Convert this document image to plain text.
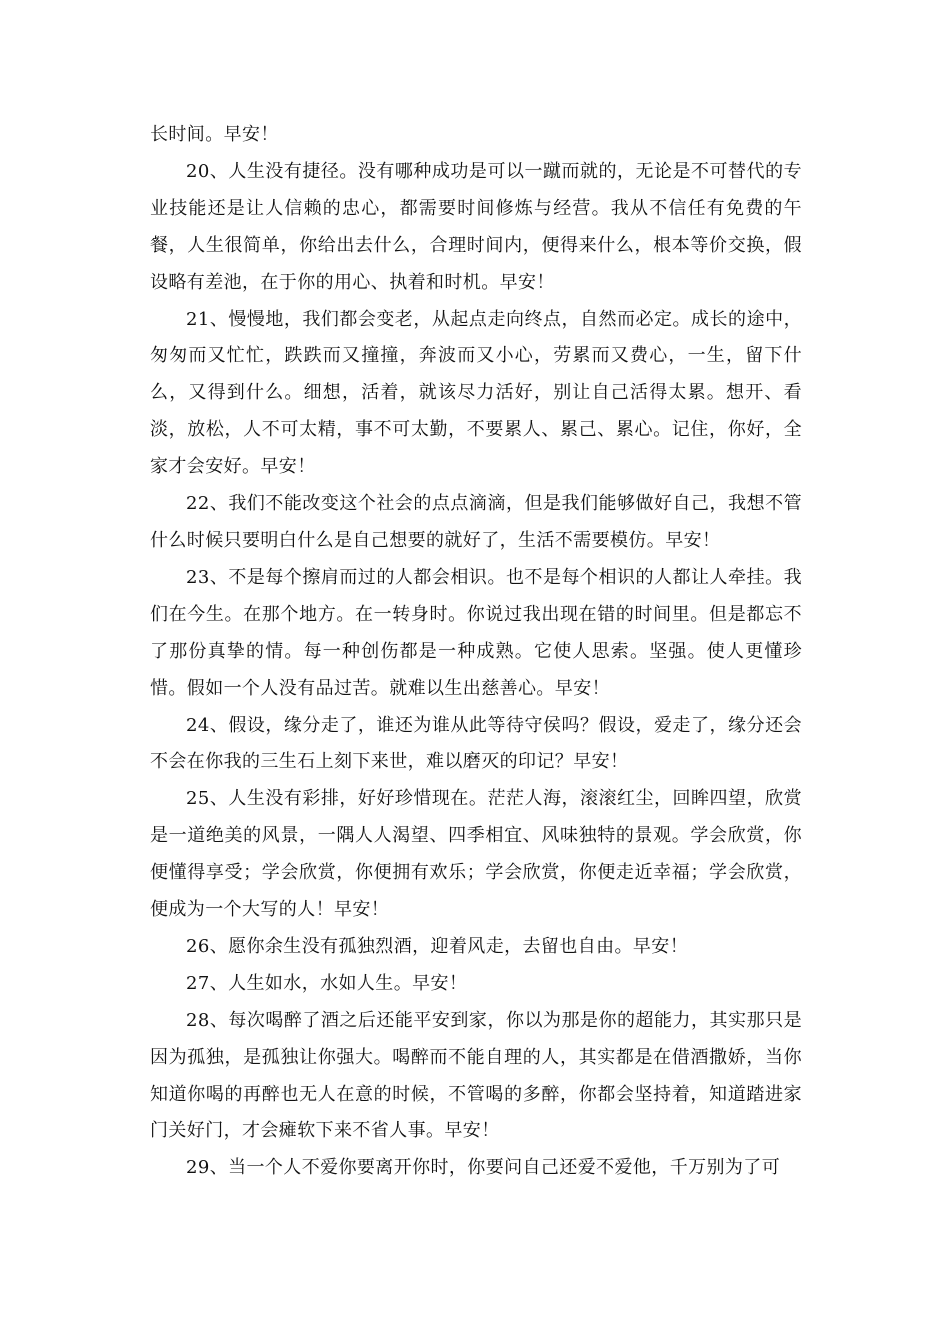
长时间。早安！

20、人生没有捷径。没有哪种成功是可以一蹴而就的，无论是不可替代的专业技能还是让人信赖的忠心，都需要时间修炼与经营。我从不信任有免费的午餐，人生很简单，你给出去什么，合理时间内，便得来什么，根本等价交换，假设略有差池，在于你的用心、执着和时机。早安！

21、慢慢地，我们都会变老，从起点走向终点，自然而必定。成长的途中，匆匆而又忙忙，跌跌而又撞撞，奔波而又小心，劳累而又费心，一生，留下什么，又得到什么。细想，活着，就该尽力活好，别让自己活得太累。想开、看淡，放松，人不可太精，事不可太勤，不要累人、累己、累心。记住，你好，全家才会安好。早安！

22、我们不能改变这个社会的点点滴滴，但是我们能够做好自己，我想不管什么时候只要明白什么是自己想要的就好了，生活不需要模仿。早安！

23、不是每个擦肩而过的人都会相识。也不是每个相识的人都让人牵挂。我们在今生。在那个地方。在一转身时。你说过我出现在错的时间里。但是都忘不了那份真挚的情。每一种创伤都是一种成熟。它使人思索。坚强。使人更懂珍惜。假如一个人没有品过苦。就难以生出慈善心。早安！

24、假设，缘分走了，谁还为谁从此等待守侯吗？假设，爱走了，缘分还会不会在你我的三生石上刻下来世，难以磨灭的印记？早安！

25、人生没有彩排，好好珍惜现在。茫茫人海，滚滚红尘，回眸四望，欣赏是一道绝美的风景，一隅人人渴望、四季相宜、风味独特的景观。学会欣赏，你便懂得享受；学会欣赏，你便拥有欢乐；学会欣赏，你便走近幸福；学会欣赏，便成为一个大写的人！早安！

26、愿你余生没有孤独烈酒，迎着风走，去留也自由。早安！

27、人生如水，水如人生。早安！

28、每次喝醉了酒之后还能平安到家，你以为那是你的超能力，其实那只是因为孤独，是孤独让你强大。喝醉而不能自理的人，其实都是在借酒撒娇，当你知道你喝的再醉也无人在意的时候，不管喝的多醉，你都会坚持着，知道踏进家门关好门，才会瘫软下来不省人事。早安！

29、当一个人不爱你要离开你时，你要问自己还爱不爱他，千万别为了可
